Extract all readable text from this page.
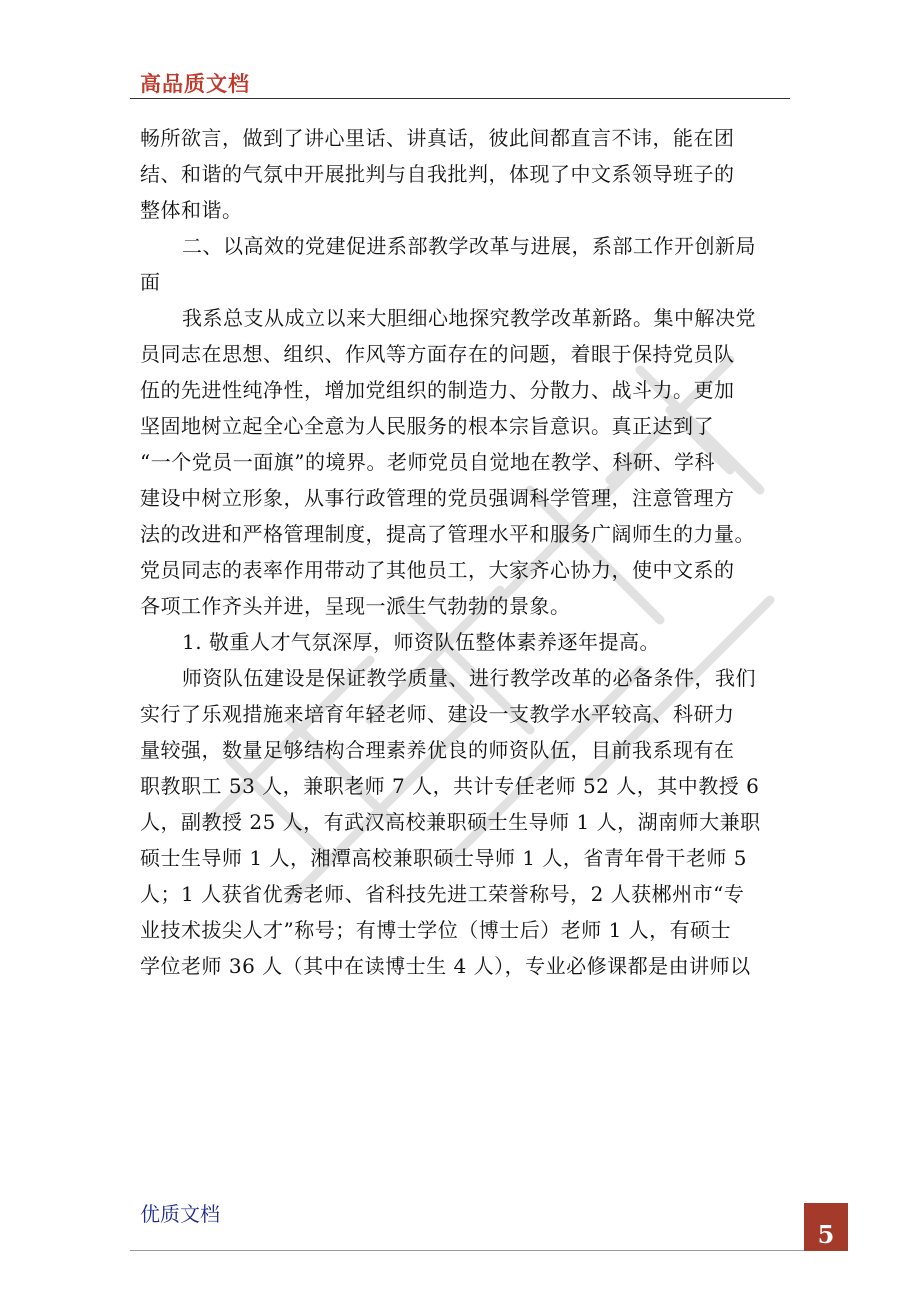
高品质文档
畅所欲言，做到了讲心里话、讲真话，彼此间都直言不讳，能在团
结、和谐的气氛中开展批判与自我批判，体现了中文系领导班子的
整体和谐。
二、以高效的党建促进系部教学改革与进展，系部工作开创新局
面
我系总支从成立以来大胆细心地探究教学改革新路。集中解决党
员同志在思想、组织、作风等方面存在的问题，着眼于保持党员队
伍的先进性纯净性，增加党组织的制造力、分散力、战斗力。更加
坚固地树立起全心全意为人民服务的根本宗旨意识。真正达到了
“一个党员一面旗”的境界。老师党员自觉地在教学、科研、学科
建设中树立形象，从事行政管理的党员强调科学管理，注意管理方
法的改进和严格管理制度，提高了管理水平和服务广阔师生的力量。
党员同志的表率作用带动了其他员工，大家齐心协力，使中文系的
各项工作齐头并进，呈现一派生气勃勃的景象。
1. 敬重人才气氛深厚，师资队伍整体素养逐年提高。
师资队伍建设是保证教学质量、进行教学改革的必备条件，我们
实行了乐观措施来培育年轻老师、建设一支教学水平较高、科研力
量较强，数量足够结构合理素养优良的师资队伍，目前我系现有在
职教职工 53 人，兼职老师 7 人，共计专任老师 52 人，其中教授 6
人，副教授 25 人，有武汉高校兼职硕士生导师 1 人，湖南师大兼职
硕士生导师 1 人，湘潭高校兼职硕士导师 1 人，省青年骨干老师 5
人；1 人获省优秀老师、省科技先进工荣誉称号，2 人获郴州市“专
业技术拔尖人才”称号；有博士学位（博士后）老师 1 人，有硕士
学位老师 36 人（其中在读博士生 4 人），专业必修课都是由讲师以
优质文档
5
